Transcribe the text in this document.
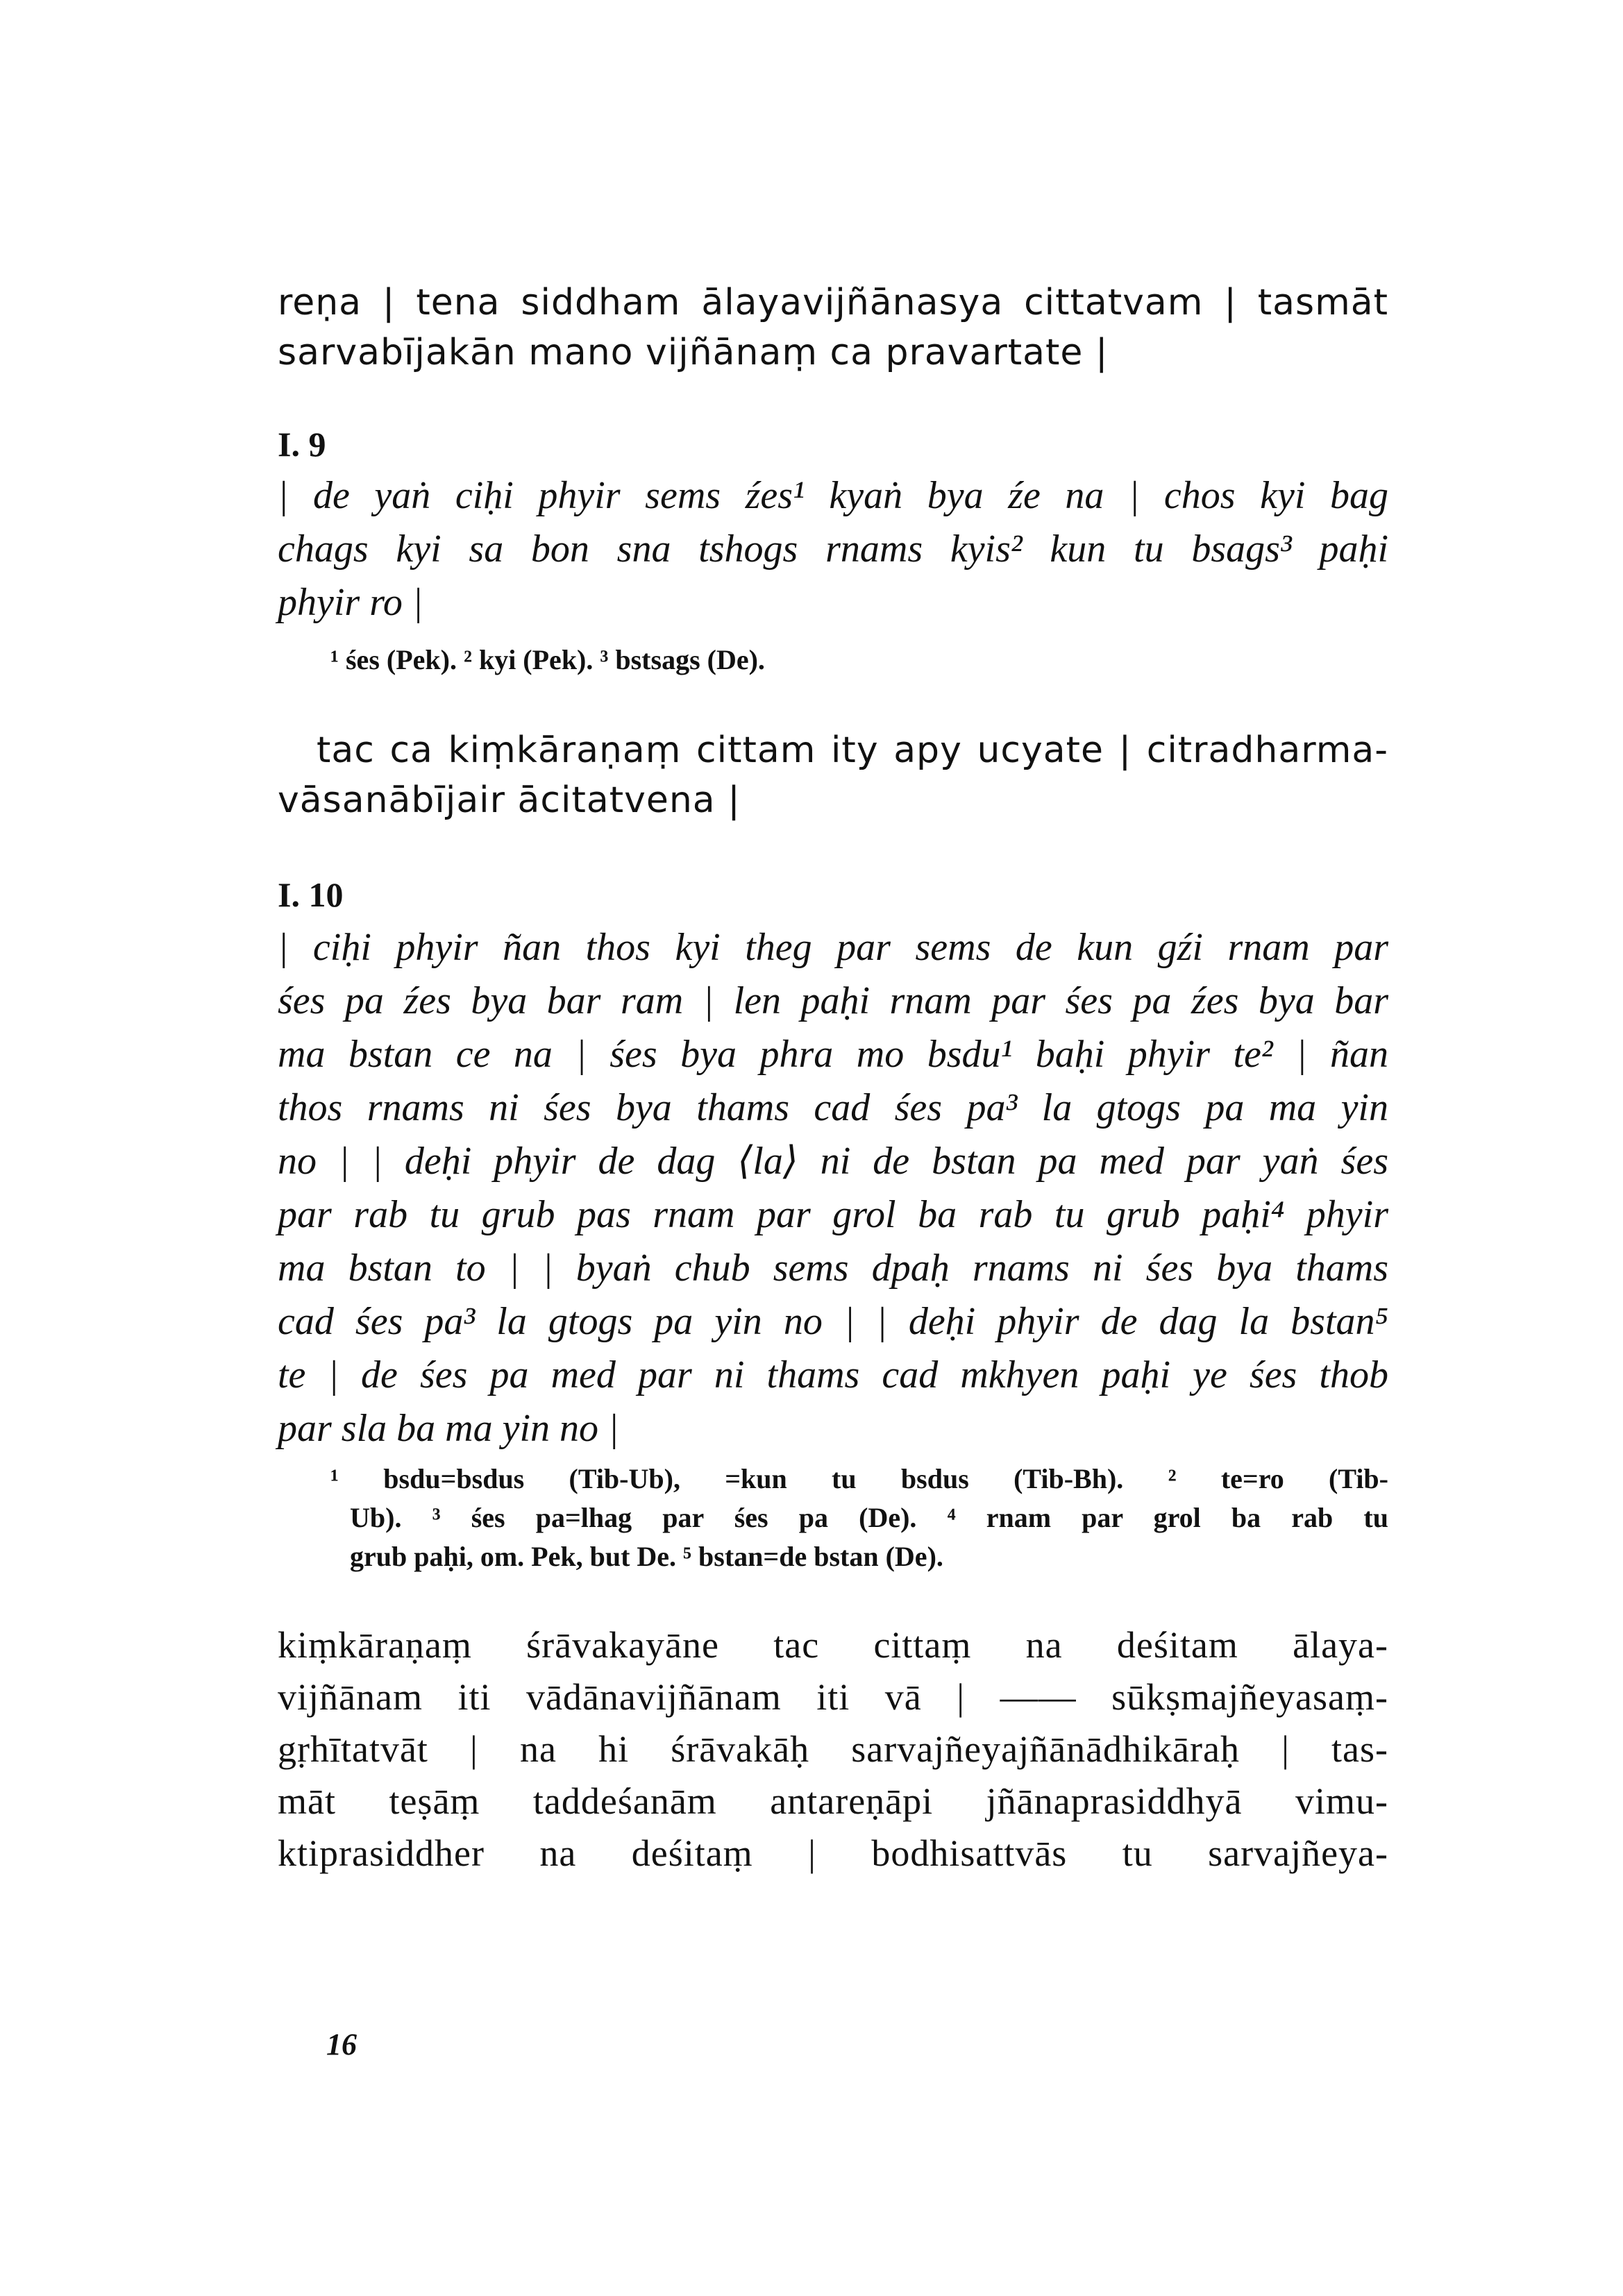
reṇa | tena siddham ālayavijñānasya cittatvam | tasmāt

sarvabījakān mano vijñānaṃ ca pravartate |

I. 9

| de yaṅ ciḥi phyir sems źes¹ kyaṅ bya źe na | chos kyi bag

chags kyi sa bon sna tshogs rnams kyis² kun tu bsags³ paḥi

phyir ro |

¹ śes (Pek). ² kyi (Pek). ³ bstsags (De).

tac ca kiṃkāraṇaṃ cittam ity apy ucyate | citradharma-

vāsanābījair ācitatvena |

I. 10

| ciḥi phyir ñan thos kyi theg par sems de kun gźi rnam par

śes pa źes bya bar ram | len paḥi rnam par śes pa źes bya bar

ma bstan ce na | śes bya phra mo bsdu¹ baḥi phyir te² | ñan

thos rnams ni śes bya thams cad śes pa³ la gtogs pa ma yin

no | | deḥi phyir de dag ⟨la⟩ ni de bstan pa med par yaṅ śes

par rab tu grub pas rnam par grol ba rab tu grub paḥi⁴ phyir

ma bstan to | | byaṅ chub sems dpaḥ rnams ni śes bya thams

cad śes pa³ la gtogs pa yin no | | deḥi phyir de dag la bstan⁵

te | de śes pa med par ni thams cad mkhyen paḥi ye śes thob

par sla ba ma yin no |

¹ bsdu=bsdus (Tib-Ub), =kun tu bsdus (Tib-Bh). ² te=ro (Tib-

Ub). ³ śes pa=lhag par śes pa (De). ⁴ rnam par grol ba rab tu

grub paḥi, om. Pek, but De. ⁵ bstan=de bstan (De).

kiṃkāraṇaṃ śrāvakayāne tac cittaṃ na deśitam ālaya-

vijñānam iti vādānavijñānam iti vā | —— sūkṣmajñeyasaṃ-

gṛhītatvāt | na hi śrāvakāḥ sarvajñeyajñānādhikāraḥ | tas-

māt teṣāṃ taddeśanām antareṇāpi jñānaprasiddhyā vimu-

ktiprasiddher na deśitaṃ | bodhisattvās tu sarvajñeya-

16
